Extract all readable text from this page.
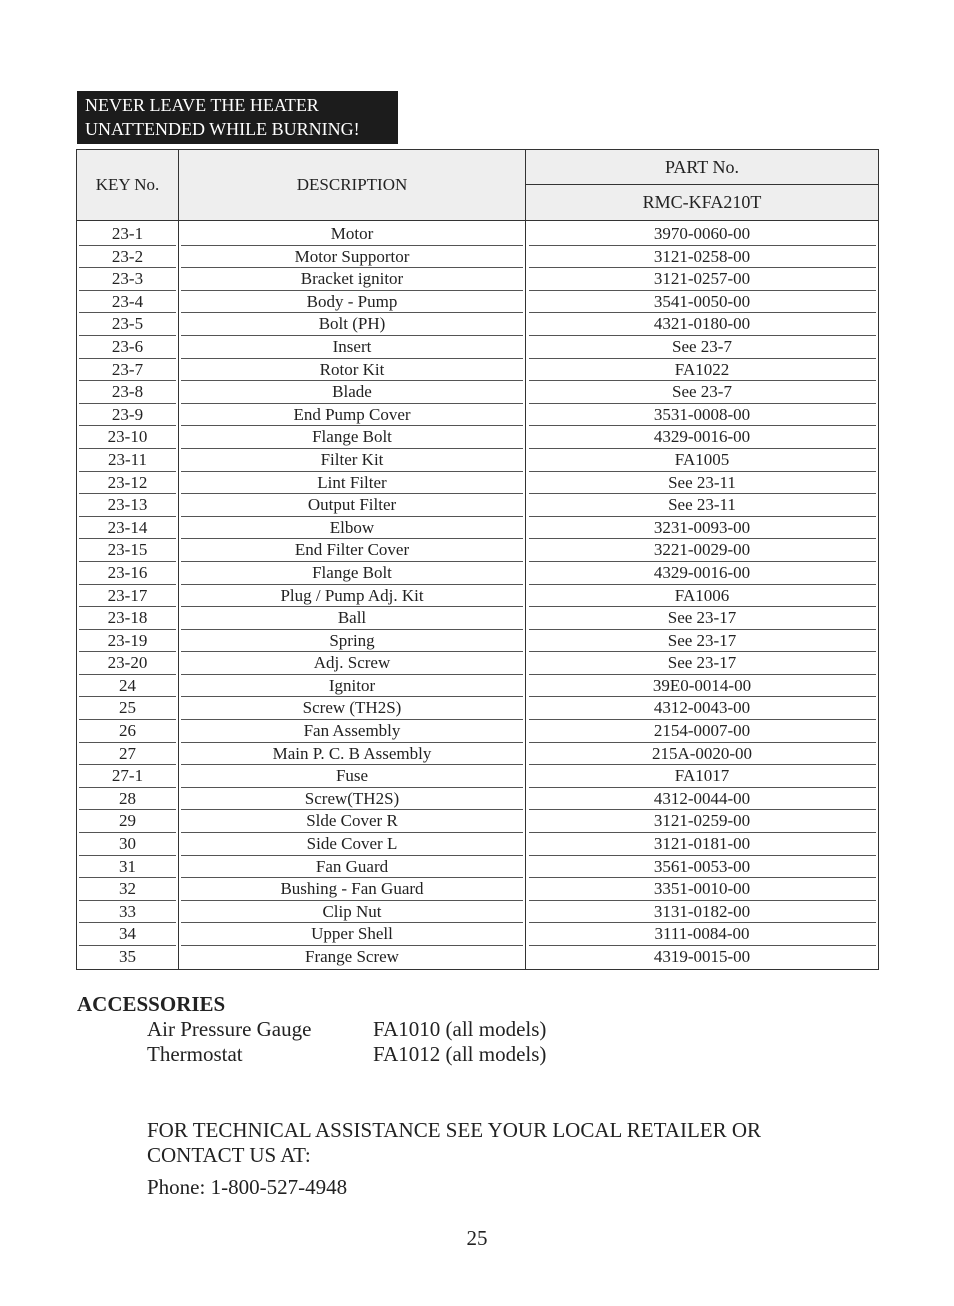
NEVER LEAVE THE HEATER
UNATTENDED WHILE BURNING!
KEY No.	DESCRIPTION
PART No.
RMC-KFA210T
23-1	Motor	3970-0060-00
23-2	Motor Supportor	3121-0258-00
23-3	Bracket ignitor	3121-0257-00
23-4	Body - Pump	3541-0050-00
23-5	Bolt (PH)	4321-0180-00
23-6	Insert	See 23-7
23-7	Rotor Kit	FA1022
23-8	Blade	See 23-7
23-9	End Pump Cover	3531-0008-00
23-10	Flange Bolt	4329-0016-00
23-11	Filter Kit	FA1005
23-12	Lint Filter	See 23-11
23-13	Output Filter	See 23-11
23-14	Elbow	3231-0093-00
23-15	End Filter Cover	3221-0029-00
23-16	Flange Bolt	4329-0016-00
23-17	Plug / Pump Adj. Kit	FA1006
23-18	Ball	See 23-17
23-19	Spring	See 23-17
23-20	Adj. Screw	See 23-17
24	Ignitor	39E0-0014-00
25	Screw (TH2S)	4312-0043-00
26	Fan Assembly	2154-0007-00
27	Main P. C. B Assembly	215A-0020-00
27-1	Fuse	FA1017
28	Screw(TH2S)	4312-0044-00
29	Slde Cover R	3121-0259-00
30	Side Cover L	3121-0181-00
31	Fan Guard	3561-0053-00
32	Bushing - Fan Guard	3351-0010-00
33	Clip Nut	3131-0182-00
34	Upper Shell	3111-0084-00
35	Frange Screw	4319-0015-00
ACCESSORIES
Air Pressure Gauge	FA1010 (all models)
Thermostat	FA1012 (all models)
FOR TECHNICAL ASSISTANCE SEE YOUR LOCAL RETAILER OR
CONTACT US AT:
Phone: 1-800-527-4948
25
